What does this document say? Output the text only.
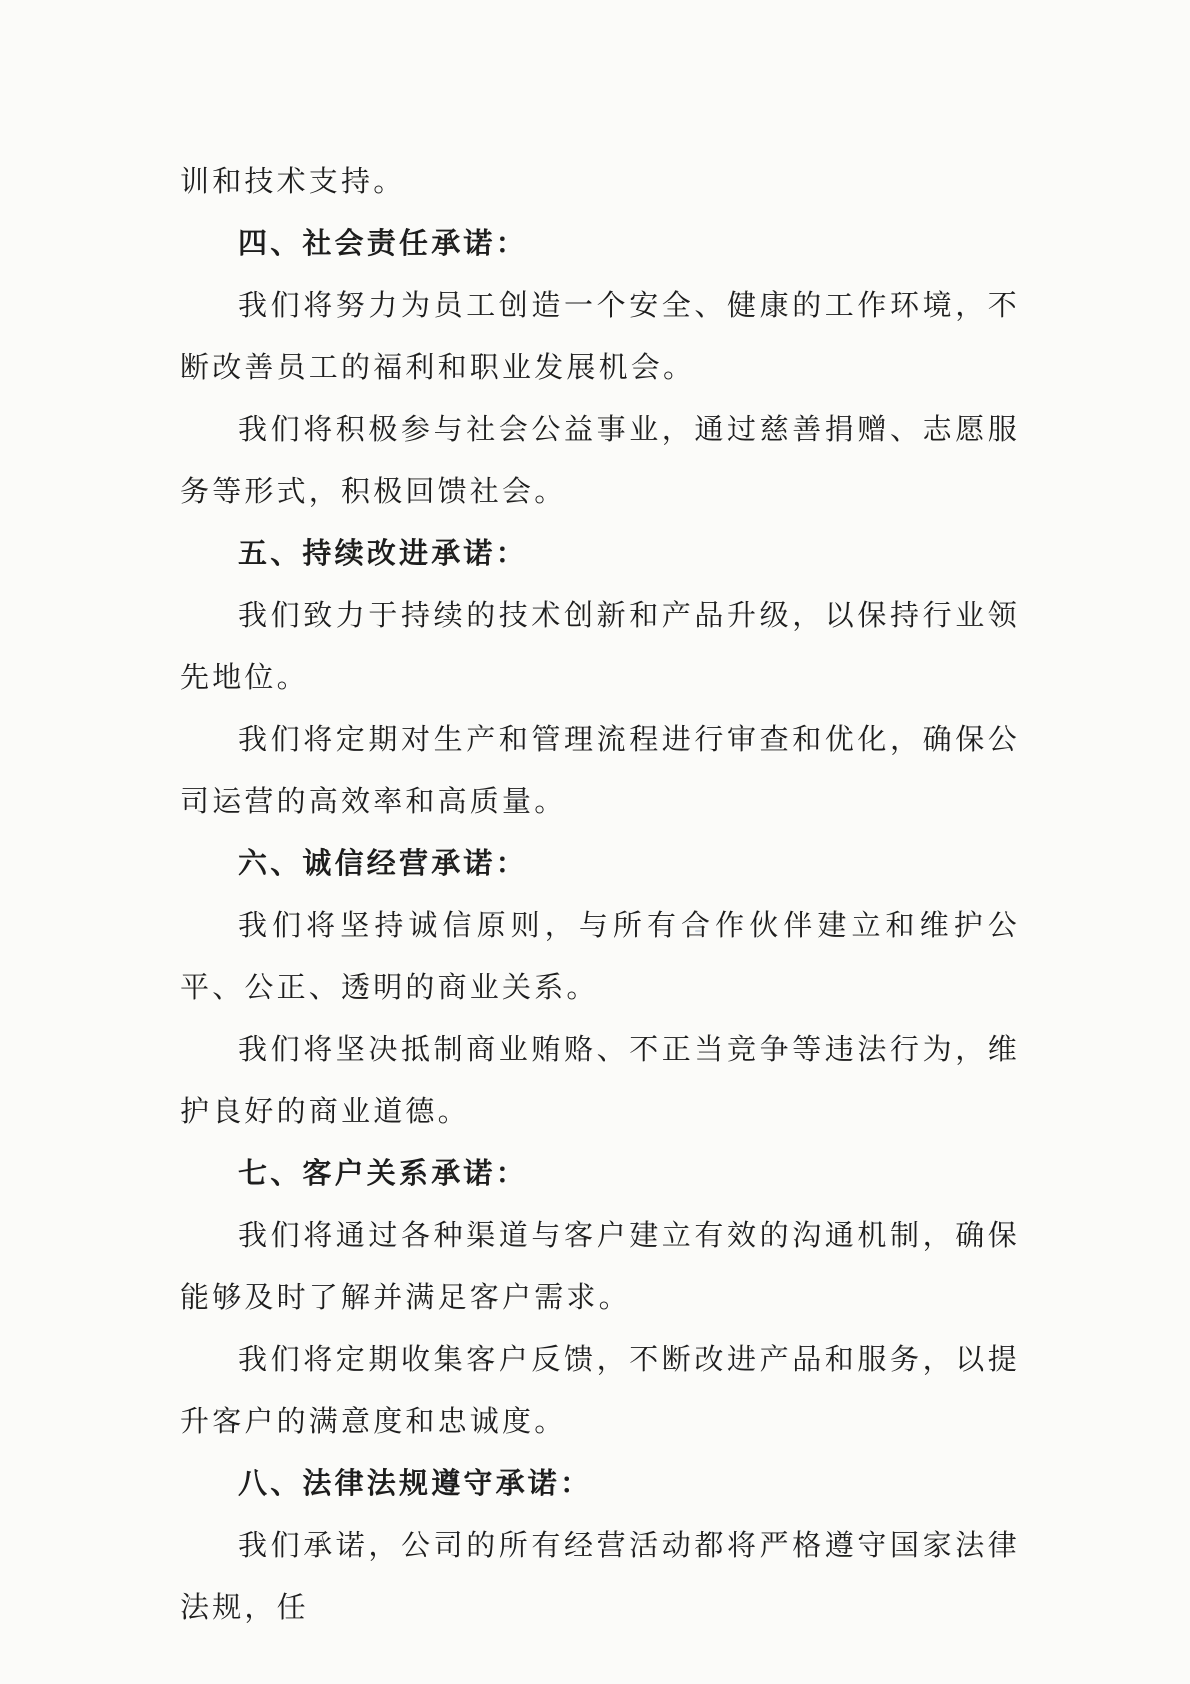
训和技术支持。

四、社会责任承诺：

我们将努力为员工创造一个安全、健康的工作环境，不断改善员工的福利和职业发展机会。

我们将积极参与社会公益事业，通过慈善捐赠、志愿服务等形式，积极回馈社会。

五、持续改进承诺：

我们致力于持续的技术创新和产品升级，以保持行业领先地位。

我们将定期对生产和管理流程进行审查和优化，确保公司运营的高效率和高质量。

六、诚信经营承诺：

我们将坚持诚信原则，与所有合作伙伴建立和维护公平、公正、透明的商业关系。

我们将坚决抵制商业贿赂、不正当竞争等违法行为，维护良好的商业道德。

七、客户关系承诺：

我们将通过各种渠道与客户建立有效的沟通机制，确保能够及时了解并满足客户需求。

我们将定期收集客户反馈，不断改进产品和服务，以提升客户的满意度和忠诚度。

八、法律法规遵守承诺：

我们承诺，公司的所有经营活动都将严格遵守国家法律法规，任
